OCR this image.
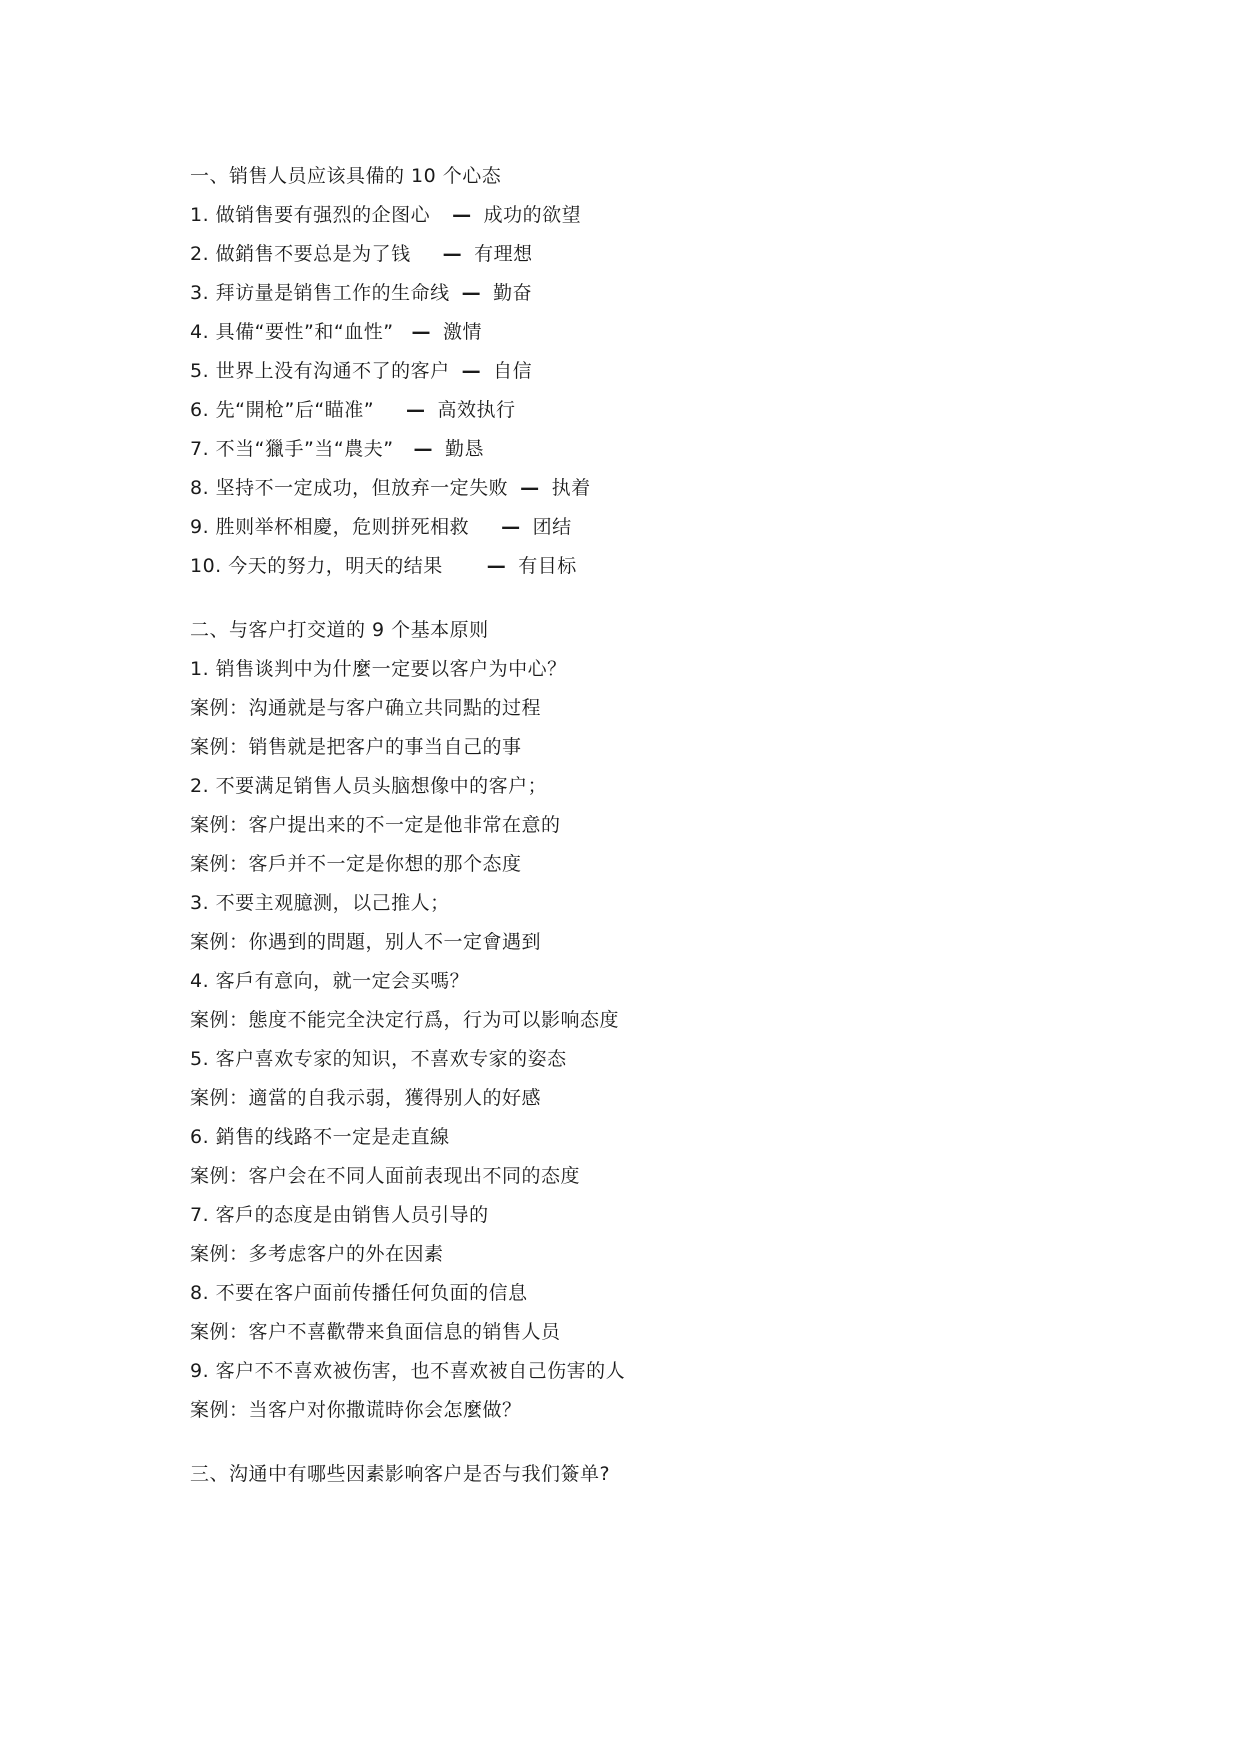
一、销售人员应该具備的 10 个心态
1. 做销售要有强烈的企图心 — 成功的欲望
2. 做銷售不要总是为了钱 — 有理想
3. 拜访量是销售工作的生命线 — 勤奋
4. 具備“要性”和“血性” — 激情
5. 世界上没有沟通不了的客户 — 自信
6. 先“開枪”后“瞄准” — 高效执行
7. 不当“獵手”当“農夫” — 勤恳
8. 坚持不一定成功，但放弃一定失败 — 执着
9. 胜则举杯相慶，危则拼死相救 — 团结
10. 今天的努力，明天的结果 — 有目标
二、与客户打交道的 9 个基本原则
1. 销售谈判中为什麼一定要以客户为中心？
案例：沟通就是与客户确立共同點的过程
案例：销售就是把客户的事当自己的事
2. 不要满足销售人员头脑想像中的客户；
案例：客户提出来的不一定是他非常在意的
案例：客戶并不一定是你想的那个态度
3. 不要主观臆测，以己推人；
案例：你遇到的問題，别人不一定會遇到
4. 客戶有意向，就一定会买嗎？
案例：態度不能完全決定行爲，行为可以影响态度
5. 客户喜欢专家的知识，不喜欢专家的姿态
案例：適當的自我示弱，獲得别人的好感
6. 銷售的线路不一定是走直線
案例：客户会在不同人面前表现出不同的态度
7. 客戶的态度是由销售人员引导的
案例：多考虑客户的外在因素
8. 不要在客户面前传播任何负面的信息
案例：客户不喜歡帶来負面信息的销售人员
9. 客户不不喜欢被伤害，也不喜欢被自己伤害的人
案例：当客户对你撒谎時你会怎麼做？
三、沟通中有哪些因素影响客户是否与我们簽单?
